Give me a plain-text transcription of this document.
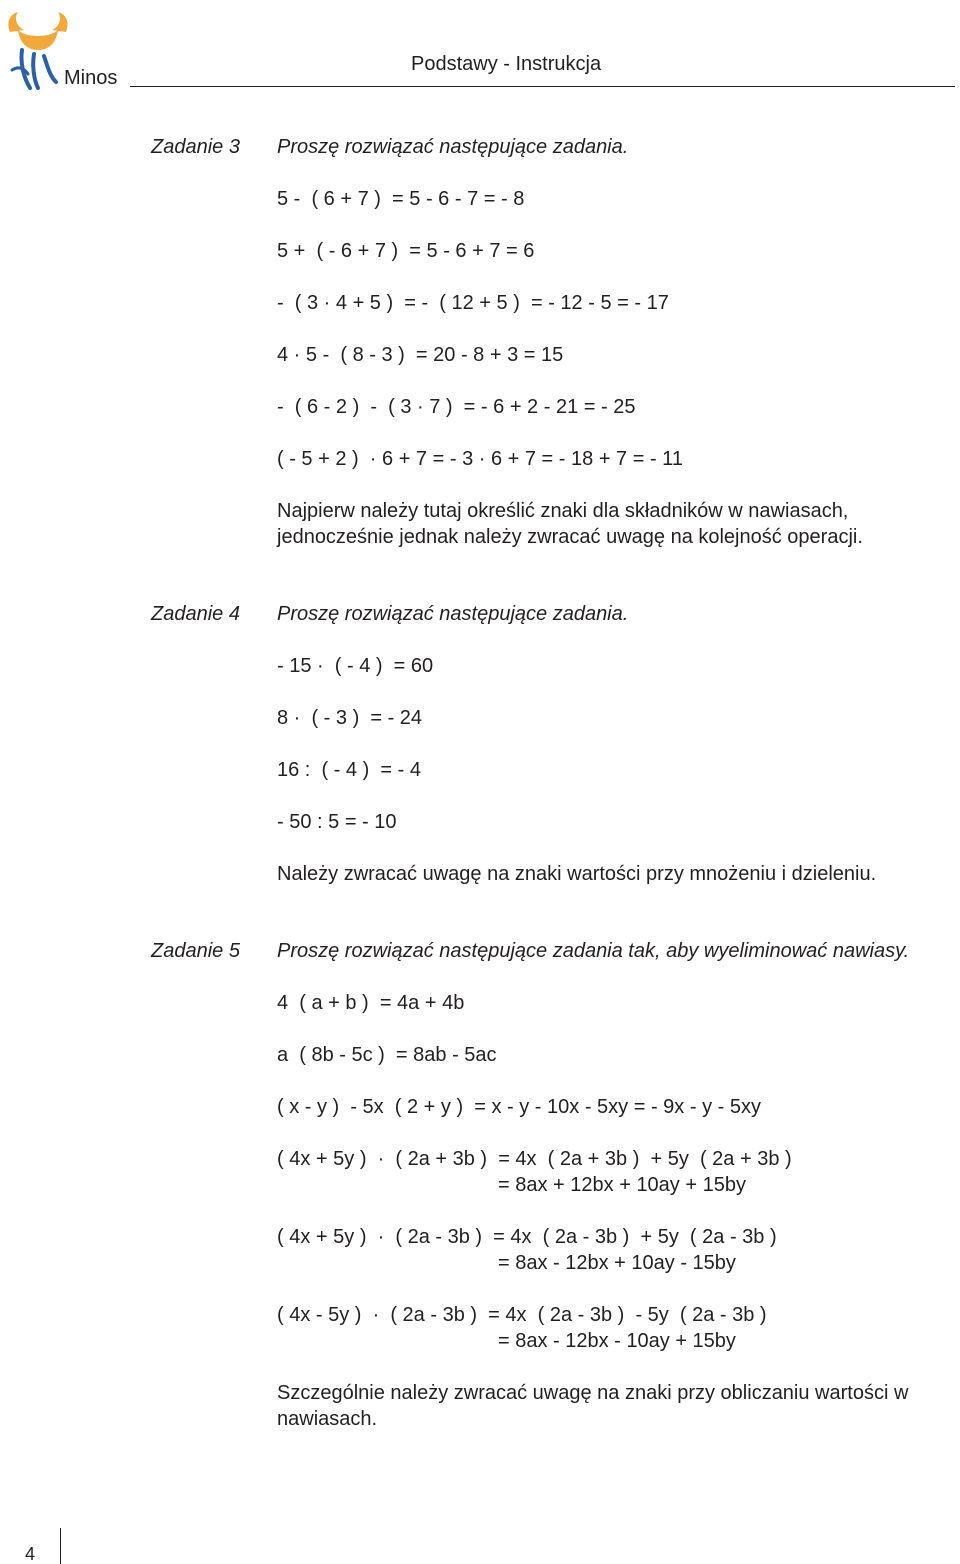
Minos
Podstawy - Instrukcja
Zadanie 3 Proszę rozwiązać następujące zadania.
5 -  ( 6 + 7 )  = 5 - 6 - 7 = - 8
5 +  ( - 6 + 7 )  = 5 - 6 + 7 = 6
-  ( 3 · 4 + 5 )  = -  ( 12 + 5 )  = - 12 - 5 = - 17
4 · 5 -  ( 8 - 3 )  = 20 - 8 + 3 = 15
-  ( 6 - 2 )  -  ( 3 · 7 )  = - 6 + 2 - 21 = - 25
( - 5 + 2 )  · 6 + 7 = - 3 · 6 + 7 = - 18 + 7 = - 11
Najpierw należy tutaj określić znaki dla składników w nawiasach, jednocześnie jednak należy zwracać uwagę na kolejność operacji.
Zadanie 4 Proszę rozwiązać następujące zadania.
- 15 ·  ( - 4 )  = 60
8 ·  ( - 3 )  = - 24
16 :  ( - 4 )  = - 4
- 50 : 5 = - 10
Należy zwracać uwagę na znaki wartości przy mnożeniu i dzieleniu.
Zadanie 5 Proszę rozwiązać następujące zadania tak, aby wyeliminować nawiasy.
4  ( a + b )  = 4a + 4b
a  ( 8b - 5c )  = 8ab - 5ac
( x - y )  - 5x  ( 2 + y )  = x - y - 10x - 5xy = - 9x - y - 5xy
( 4x + 5y )  ·  ( 2a + 3b )  = 4x  ( 2a + 3b )  + 5y  ( 2a + 3b )
= 8ax + 12bx + 10ay + 15by
( 4x + 5y )  ·  ( 2a - 3b )  = 4x  ( 2a - 3b )  + 5y  ( 2a - 3b )
= 8ax - 12bx + 10ay - 15by
( 4x - 5y )  ·  ( 2a - 3b )  = 4x  ( 2a - 3b )  - 5y  ( 2a - 3b )
= 8ax - 12bx - 10ay + 15by
Szczególnie należy zwracać uwagę na znaki przy obliczaniu wartości w nawiasach.
4
